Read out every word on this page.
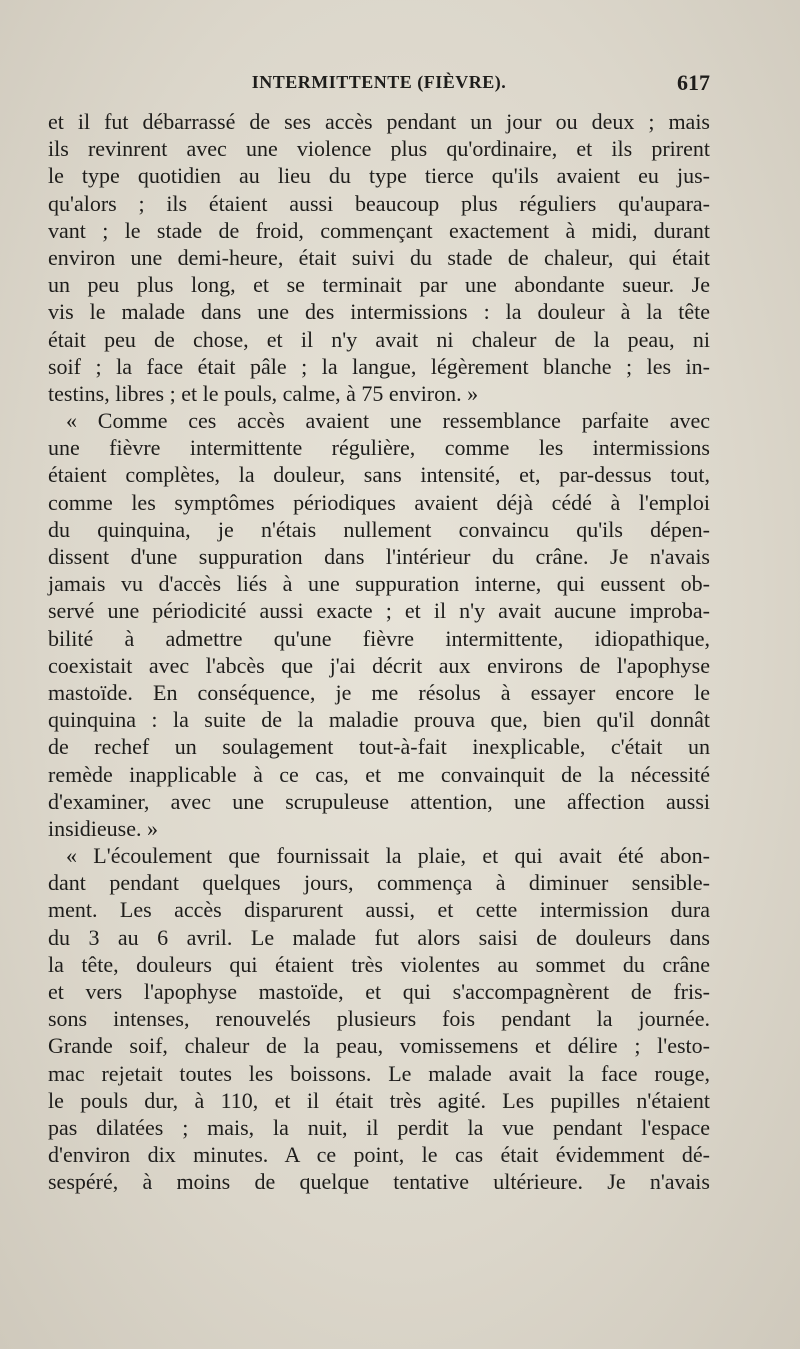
INTERMITTENTE (FIÈVRE).	617
et il fut débarrassé de ses accès pendant un jour ou deux ; mais
ils revinrent avec une violence plus qu'ordinaire, et ils prirent
le type quotidien au lieu du type tierce qu'ils avaient eu jus-
qu'alors ; ils étaient aussi beaucoup plus réguliers qu'aupara-
vant ; le stade de froid, commençant exactement à midi, durant
environ une demi-heure, était suivi du stade de chaleur, qui était
un peu plus long, et se terminait par une abondante sueur. Je
vis le malade dans une des intermissions : la douleur à la tête
était peu de chose, et il n'y avait ni chaleur de la peau, ni
soif ; la face était pâle ; la langue, légèrement blanche ; les in-
testins, libres ; et le pouls, calme, à 75 environ. »
« Comme ces accès avaient une ressemblance parfaite avec
une fièvre intermittente régulière, comme les intermissions
étaient complètes, la douleur, sans intensité, et, par-dessus tout,
comme les symptômes périodiques avaient déjà cédé à l'emploi
du quinquina, je n'étais nullement convaincu qu'ils dépen-
dissent d'une suppuration dans l'intérieur du crâne. Je n'avais
jamais vu d'accès liés à une suppuration interne, qui eussent ob-
servé une périodicité aussi exacte ; et il n'y avait aucune improba-
bilité à admettre qu'une fièvre intermittente, idiopathique,
coexistait avec l'abcès que j'ai décrit aux environs de l'apophyse
mastoïde. En conséquence, je me résolus à essayer encore le
quinquina : la suite de la maladie prouva que, bien qu'il donnât
de rechef un soulagement tout-à-fait inexplicable, c'était un
remède inapplicable à ce cas, et me convainquit de la nécessité
d'examiner, avec une scrupuleuse attention, une affection aussi
insidieuse. »
« L'écoulement que fournissait la plaie, et qui avait été abon-
dant pendant quelques jours, commença à diminuer sensible-
ment. Les accès disparurent aussi, et cette intermission dura
du 3 au 6 avril. Le malade fut alors saisi de douleurs dans
la tête, douleurs qui étaient très violentes au sommet du crâne
et vers l'apophyse mastoïde, et qui s'accompagnèrent de fris-
sons intenses, renouvelés plusieurs fois pendant la journée.
Grande soif, chaleur de la peau, vomissemens et délire ; l'esto-
mac rejetait toutes les boissons. Le malade avait la face rouge,
le pouls dur, à 110, et il était très agité. Les pupilles n'étaient
pas dilatées ; mais, la nuit, il perdit la vue pendant l'espace
d'environ dix minutes. A ce point, le cas était évidemment dé-
sespéré, à moins de quelque tentative ultérieure. Je n'avais
